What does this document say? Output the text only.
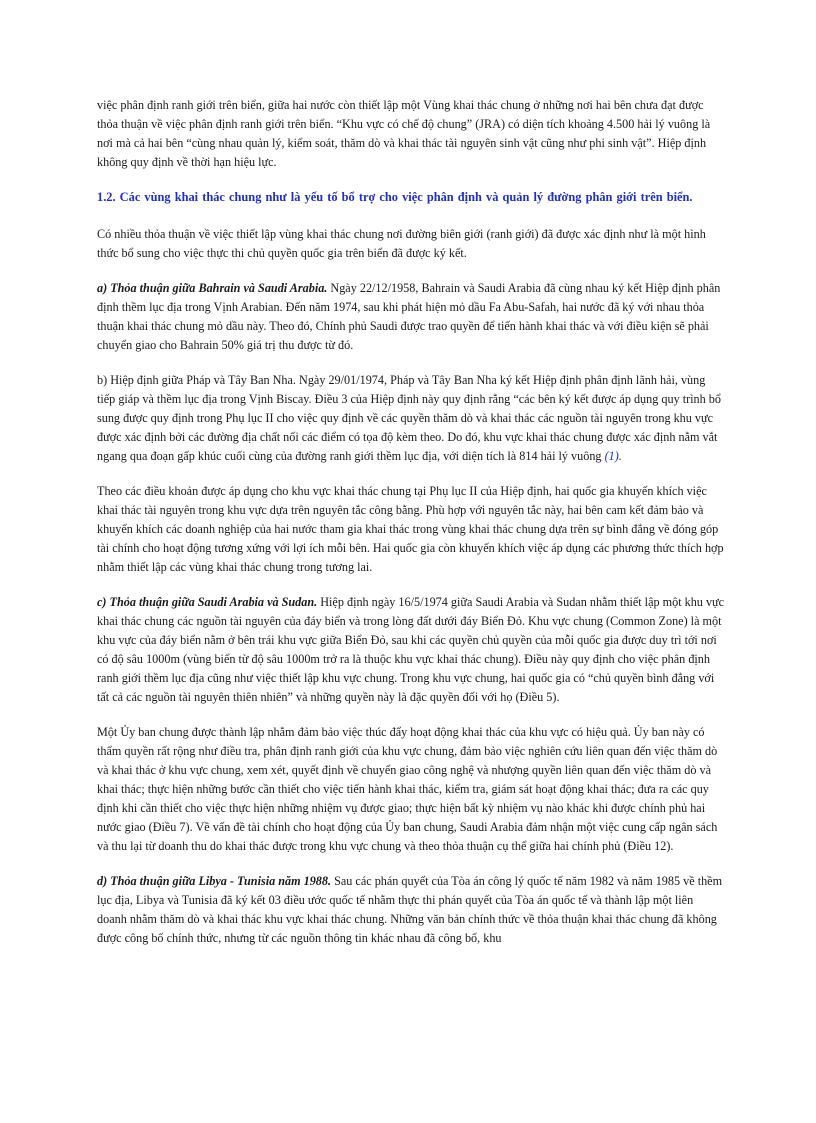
việc phân định ranh giới trên biển, giữa hai nước còn thiết lập một Vùng khai thác chung ở những nơi hai bên chưa đạt được thỏa thuận về việc phân định ranh giới trên biển. “Khu vực có chế độ chung” (JRA) có diện tích khoảng 4.500 hải lý vuông là nơi mà cả hai bên “cùng nhau quản lý, kiểm soát, thăm dò và khai thác tài nguyên sinh vật cũng như phi sinh vật”. Hiệp định không quy định về thời hạn hiệu lực.

1.2. Các vùng khai thác chung như là yếu tố bổ trợ cho việc phân định và quản lý đường phân giới trên biển.

Có nhiều thỏa thuận về việc thiết lập vùng khai thác chung nơi đường biên giới (ranh giới) đã được xác định như là một hình thức bổ sung cho việc thực thi chủ quyền quốc gia trên biển đã được ký kết.

a) Thỏa thuận giữa Bahrain và Saudi Arabia. Ngày 22/12/1958, Bahrain và Saudi Arabia đã cùng nhau ký kết Hiệp định phân định thềm lục địa trong Vịnh Arabian. Đến năm 1974, sau khi phát hiện mỏ dầu Fa Abu-Safah, hai nước đã ký với nhau thỏa thuận khai thác chung mỏ dầu này. Theo đó, Chính phủ Saudi được trao quyền để tiến hành khai thác và với điều kiện sẽ phải chuyển giao cho Bahrain 50% giá trị thu được từ đó.

b) Hiệp định giữa Pháp và Tây Ban Nha. Ngày 29/01/1974, Pháp và Tây Ban Nha ký kết Hiệp định phân định lãnh hải, vùng tiếp giáp và thềm lục địa trong Vịnh Biscay. Điều 3 của Hiệp định này quy định rằng “các bên ký kết được áp dụng quy trình bổ sung được quy định trong Phụ lục II cho việc quy định về các quyền thăm dò và khai thác các nguồn tài nguyên trong khu vực được xác định bởi các đường địa chất nối các điểm có tọa độ kèm theo. Do đó, khu vực khai thác chung được xác định nằm vắt ngang qua đoạn gấp khúc cuối cùng của đường ranh giới thềm lục địa, với diện tích là 814 hải lý vuông (1).

Theo các điều khoản được áp dụng cho khu vực khai thác chung tại Phụ lục II của Hiệp định, hai quốc gia khuyến khích việc khai thác tài nguyên trong khu vực dựa trên nguyên tắc công bằng. Phù hợp với nguyên tắc này, hai bên cam kết đảm bảo và khuyến khích các doanh nghiệp của hai nước tham gia khai thác trong vùng khai thác chung dựa trên sự bình đẳng về đóng góp tài chính cho hoạt động tương xứng với lợi ích mỗi bên. Hai quốc gia còn khuyến khích việc áp dụng các phương thức thích hợp nhằm thiết lập các vùng khai thác chung trong tương lai.

c) Thỏa thuận giữa Saudi Arabia và Sudan. Hiệp định ngày 16/5/1974 giữa Saudi Arabia và Sudan nhằm thiết lập một khu vực khai thác chung các nguồn tài nguyên của đáy biển và trong lòng đất dưới đáy Biển Đỏ. Khu vực chung (Common Zone) là một khu vực của đáy biển nằm ở bên trái khu vực giữa Biển Đỏ, sau khi các quyền chủ quyền của mỗi quốc gia được duy trì tới nơi có độ sâu 1000m (vùng biển từ độ sâu 1000m trở ra là thuộc khu vực khai thác chung). Điều này quy định cho việc phân định ranh giới thềm lục địa cũng như việc thiết lập khu vực chung. Trong khu vực chung, hai quốc gia có “chủ quyền bình đẳng với tất cả các nguồn tài nguyên thiên nhiên” và những quyền này là đặc quyền đối với họ (Điều 5).

Một Ủy ban chung được thành lập nhằm đảm bảo việc thúc đẩy hoạt động khai thác của khu vực có hiệu quả. Ủy ban này có thẩm quyền rất rộng như điều tra, phân định ranh giới của khu vực chung, đảm bảo việc nghiên cứu liên quan đến việc thăm dò và khai thác ở khu vực chung, xem xét, quyết định về chuyển giao công nghệ và nhượng quyền liên quan đến việc thăm dò và khai thác; thực hiện những bước cần thiết cho việc tiến hành khai thác, kiểm tra, giám sát hoạt động khai thác; đưa ra các quy định khi cần thiết cho việc thực hiện những nhiệm vụ được giao; thực hiện bất kỳ nhiệm vụ nào khác khi được chính phủ hai nước giao (Điều 7). Về vấn đề tài chính cho hoạt động của Ủy ban chung, Saudi Arabia đảm nhận một việc cung cấp ngân sách và thu lại từ doanh thu do khai thác được trong khu vực chung và theo thỏa thuận cụ thể giữa hai chính phủ (Điều 12).

d) Thỏa thuận giữa Libya - Tunisia năm 1988. Sau các phán quyết của Tòa án công lý quốc tế năm 1982 và năm 1985 về thềm lục địa, Libya và Tunisia đã ký kết 03 điều ước quốc tế nhằm thực thi phán quyết của Tòa án quốc tế và thành lập một liên doanh nhằm thăm dò và khai thác khu vực khai thác chung. Những văn bản chính thức về thỏa thuận khai thác chung đã không được công bố chính thức, nhưng từ các nguồn thông tin khác nhau đã công bố, khu
